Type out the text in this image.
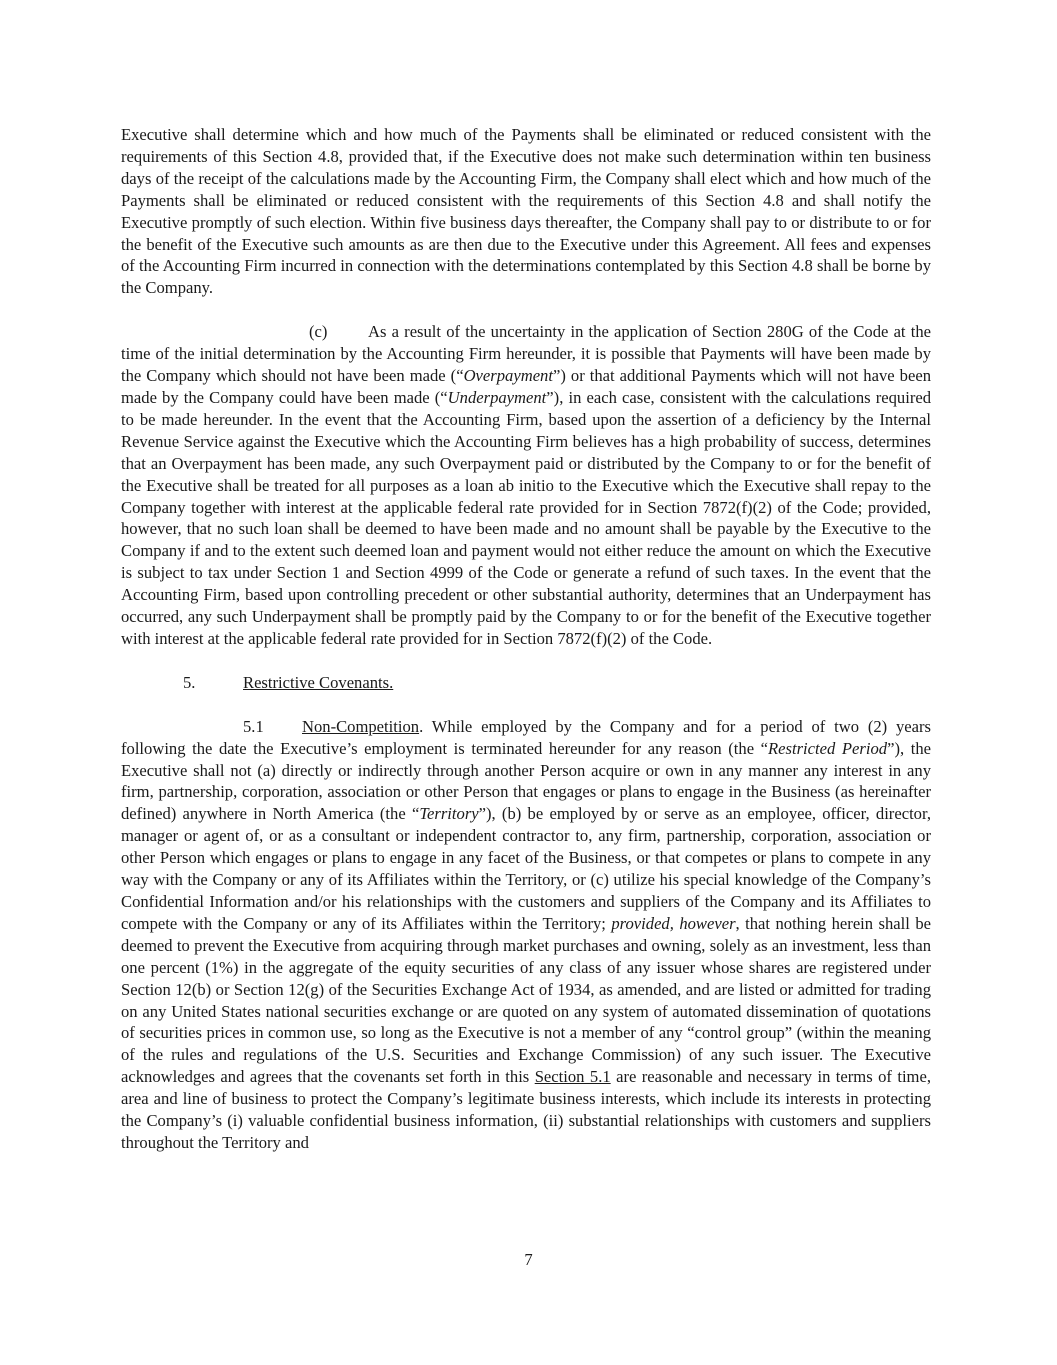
Executive shall determine which and how much of the Payments shall be eliminated or reduced consistent with the requirements of this Section 4.8, provided that, if the Executive does not make such determination within ten business days of the receipt of the calculations made by the Accounting Firm, the Company shall elect which and how much of the Payments shall be eliminated or reduced consistent with the requirements of this Section 4.8 and shall notify the Executive promptly of such election. Within five business days thereafter, the Company shall pay to or distribute to or for the benefit of the Executive such amounts as are then due to the Executive under this Agreement. All fees and expenses of the Accounting Firm incurred in connection with the determinations contemplated by this Section 4.8 shall be borne by the Company.

(c) As a result of the uncertainty in the application of Section 280G of the Code at the time of the initial determination by the Accounting Firm hereunder, it is possible that Payments will have been made by the Company which should not have been made (“Overpayment”) or that additional Payments which will not have been made by the Company could have been made (“Underpayment”), in each case, consistent with the calculations required to be made hereunder. In the event that the Accounting Firm, based upon the assertion of a deficiency by the Internal Revenue Service against the Executive which the Accounting Firm believes has a high probability of success, determines that an Overpayment has been made, any such Overpayment paid or distributed by the Company to or for the benefit of the Executive shall be treated for all purposes as a loan ab initio to the Executive which the Executive shall repay to the Company together with interest at the applicable federal rate provided for in Section 7872(f)(2) of the Code; provided, however, that no such loan shall be deemed to have been made and no amount shall be payable by the Executive to the Company if and to the extent such deemed loan and payment would not either reduce the amount on which the Executive is subject to tax under Section 1 and Section 4999 of the Code or generate a refund of such taxes. In the event that the Accounting Firm, based upon controlling precedent or other substantial authority, determines that an Underpayment has occurred, any such Underpayment shall be promptly paid by the Company to or for the benefit of the Executive together with interest at the applicable federal rate provided for in Section 7872(f)(2) of the Code.

5.	Restrictive Covenants.

5.1 Non-Competition. While employed by the Company and for a period of two (2) years following the date the Executive’s employment is terminated hereunder for any reason (the “Restricted Period”), the Executive shall not (a) directly or indirectly through another Person acquire or own in any manner any interest in any firm, partnership, corporation, association or other Person that engages or plans to engage in the Business (as hereinafter defined) anywhere in North America (the “Territory”), (b) be employed by or serve as an employee, officer, director, manager or agent of, or as a consultant or independent contractor to, any firm, partnership, corporation, association or other Person which engages or plans to engage in any facet of the Business, or that competes or plans to compete in any way with the Company or any of its Affiliates within the Territory, or (c) utilize his special knowledge of the Company’s Confidential Information and/or his relationships with the customers and suppliers of the Company and its Affiliates to compete with the Company or any of its Affiliates within the Territory; provided, however, that nothing herein shall be deemed to prevent the Executive from acquiring through market purchases and owning, solely as an investment, less than one percent (1%) in the aggregate of the equity securities of any class of any issuer whose shares are registered under Section 12(b) or Section 12(g) of the Securities Exchange Act of 1934, as amended, and are listed or admitted for trading on any United States national securities exchange or are quoted on any system of automated dissemination of quotations of securities prices in common use, so long as the Executive is not a member of any “control group” (within the meaning of the rules and regulations of the U.S. Securities and Exchange Commission) of any such issuer. The Executive acknowledges and agrees that the covenants set forth in this Section 5.1 are reasonable and necessary in terms of time, area and line of business to protect the Company’s legitimate business interests, which include its interests in protecting the Company’s (i) valuable confidential business information, (ii) substantial relationships with customers and suppliers throughout the Territory and

7
